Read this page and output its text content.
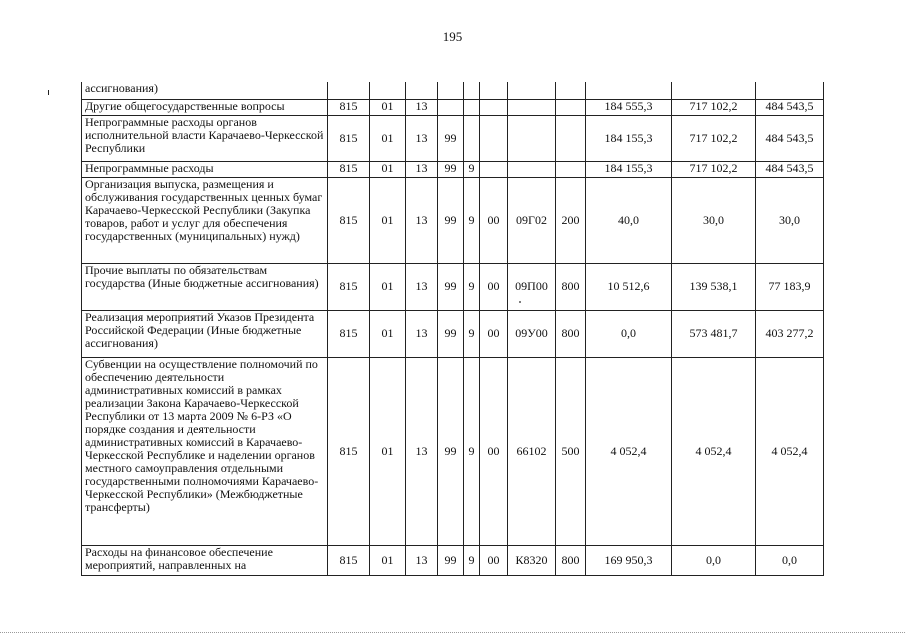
195
ассигнования)											
Другие общегосударственные вопросы	815	01	13						184 555,3	717 102,2	484 543,5
Непрограммные расходы органов исполнительной власти Карачаево-Черкесской Республики	815	01	13	99					184 155,3	717 102,2	484 543,5
Непрограммные расходы	815	01	13	99	9				184 155,3	717 102,2	484 543,5
Организация выпуска, размещения и обслуживания государственных ценных бумаг Карачаево-Черкесской Республики (Закупка товаров, работ и услуг для обеспечения государственных (муниципальных) нужд)	815	01	13	99	9	00	09Г02	200	40,0	30,0	30,0
Прочие выплаты по обязательствам государства (Иные бюджетные ассигнования)	815	01	13	99	9	00	09П00	800	10 512,6	139 538,1	77 183,9
Реализация мероприятий Указов Президента Российской Федерации (Иные бюджетные ассигнования)	815	01	13	99	9	00	09У00	800	0,0	573 481,7	403 277,2
Субвенции на осуществление полномочий по обеспечению деятельности административных комиссий в рамках реализации Закона Карачаево-Черкесской Республики от 13 марта 2009 № 6-РЗ «О порядке создания и деятельности административных комиссий в Карачаево-Черкесской Республике и наделении органов местного самоуправления отдельными государственными полномочиями Карачаево-Черкесской Республики» (Межбюджетные трансферты)	815	01	13	99	9	00	66102	500	4 052,4	4 052,4	4 052,4
Расходы на финансовое обеспечение мероприятий, направленных на	815	01	13	99	9	00	К8320	800	169 950,3	0,0	0,0
